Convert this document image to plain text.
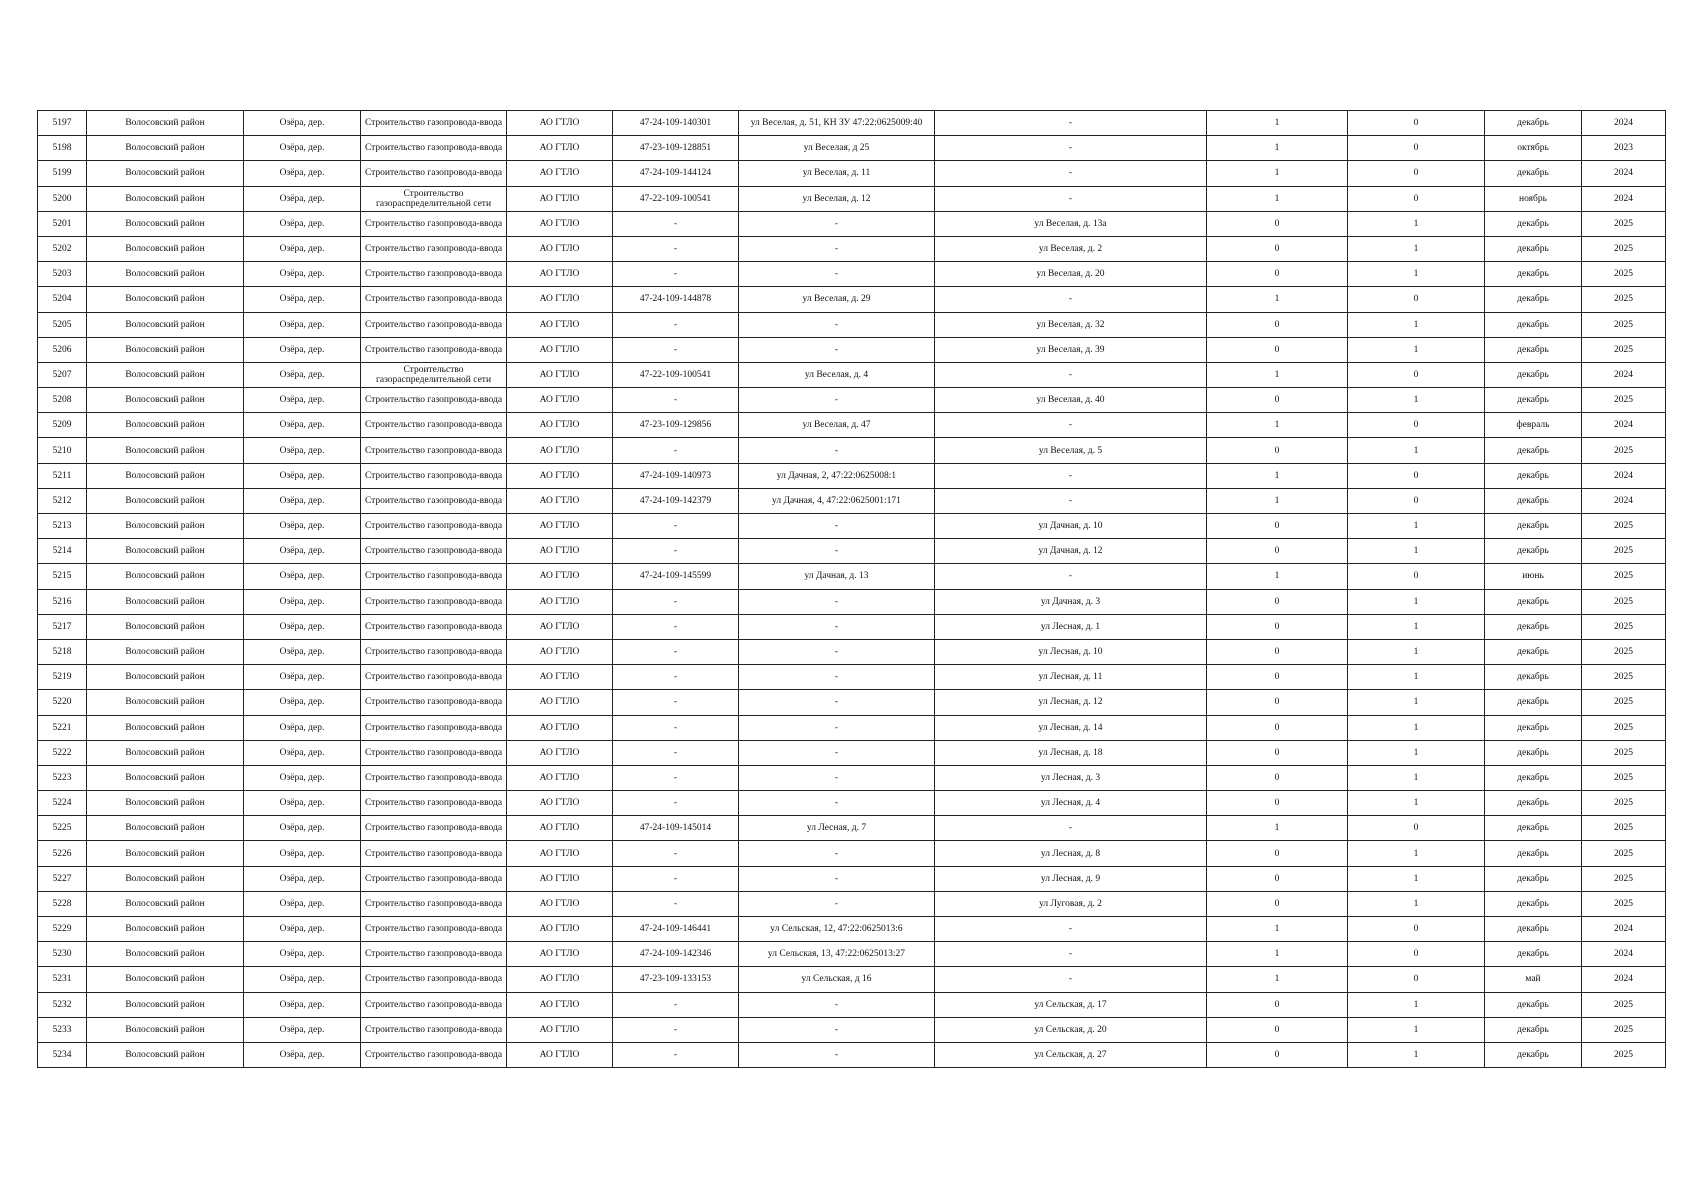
5197	Волосовский район	Озёра, дер.	Строительство газопровода-ввода	АО ГТЛО	47-24-109-140301	ул Веселая, д. 51, КН ЗУ 47:22:0625009:40	-	1	0	декабрь	2024
5198	Волосовский район	Озёра, дер.	Строительство газопровода-ввода	АО ГТЛО	47-23-109-128851	ул Веселая, д 25	-	1	0	октябрь	2023
5199	Волосовский район	Озёра, дер.	Строительство газопровода-ввода	АО ГТЛО	47-24-109-144124	ул Веселая, д. 11	-	1	0	декабрь	2024
5200	Волосовский район	Озёра, дер.	Строительство газораспределительной сети	АО ГТЛО	47-22-109-100541	ул Веселая, д. 12	-	1	0	ноябрь	2024
5201	Волосовский район	Озёра, дер.	Строительство газопровода-ввода	АО ГТЛО	-	-	ул Веселая, д. 13а	0	1	декабрь	2025
5202	Волосовский район	Озёра, дер.	Строительство газопровода-ввода	АО ГТЛО	-	-	ул Веселая, д. 2	0	1	декабрь	2025
5203	Волосовский район	Озёра, дер.	Строительство газопровода-ввода	АО ГТЛО	-	-	ул Веселая, д. 20	0	1	декабрь	2025
5204	Волосовский район	Озёра, дер.	Строительство газопровода-ввода	АО ГТЛО	47-24-109-144878	ул Веселая, д. 29	-	1	0	декабрь	2025
5205	Волосовский район	Озёра, дер.	Строительство газопровода-ввода	АО ГТЛО	-	-	ул Веселая, д. 32	0	1	декабрь	2025
5206	Волосовский район	Озёра, дер.	Строительство газопровода-ввода	АО ГТЛО	-	-	ул Веселая, д. 39	0	1	декабрь	2025
5207	Волосовский район	Озёра, дер.	Строительство газораспределительной сети	АО ГТЛО	47-22-109-100541	ул Веселая, д. 4	-	1	0	декабрь	2024
5208	Волосовский район	Озёра, дер.	Строительство газопровода-ввода	АО ГТЛО	-	-	ул Веселая, д. 40	0	1	декабрь	2025
5209	Волосовский район	Озёра, дер.	Строительство газопровода-ввода	АО ГТЛО	47-23-109-129856	ул Веселая, д. 47	-	1	0	февраль	2024
5210	Волосовский район	Озёра, дер.	Строительство газопровода-ввода	АО ГТЛО	-	-	ул Веселая, д. 5	0	1	декабрь	2025
5211	Волосовский район	Озёра, дер.	Строительство газопровода-ввода	АО ГТЛО	47-24-109-140973	ул Дачная, 2, 47:22:0625008:1	-	1	0	декабрь	2024
5212	Волосовский район	Озёра, дер.	Строительство газопровода-ввода	АО ГТЛО	47-24-109-142379	ул Дачная, 4, 47:22:0625001:171	-	1	0	декабрь	2024
5213	Волосовский район	Озёра, дер.	Строительство газопровода-ввода	АО ГТЛО	-	-	ул Дачная, д. 10	0	1	декабрь	2025
5214	Волосовский район	Озёра, дер.	Строительство газопровода-ввода	АО ГТЛО	-	-	ул Дачная, д. 12	0	1	декабрь	2025
5215	Волосовский район	Озёра, дер.	Строительство газопровода-ввода	АО ГТЛО	47-24-109-145599	ул Дачная, д. 13	-	1	0	июнь	2025
5216	Волосовский район	Озёра, дер.	Строительство газопровода-ввода	АО ГТЛО	-	-	ул Дачная, д. 3	0	1	декабрь	2025
5217	Волосовский район	Озёра, дер.	Строительство газопровода-ввода	АО ГТЛО	-	-	ул Лесная, д. 1	0	1	декабрь	2025
5218	Волосовский район	Озёра, дер.	Строительство газопровода-ввода	АО ГТЛО	-	-	ул Лесная, д. 10	0	1	декабрь	2025
5219	Волосовский район	Озёра, дер.	Строительство газопровода-ввода	АО ГТЛО	-	-	ул Лесная, д. 11	0	1	декабрь	2025
5220	Волосовский район	Озёра, дер.	Строительство газопровода-ввода	АО ГТЛО	-	-	ул Лесная, д. 12	0	1	декабрь	2025
5221	Волосовский район	Озёра, дер.	Строительство газопровода-ввода	АО ГТЛО	-	-	ул Лесная, д. 14	0	1	декабрь	2025
5222	Волосовский район	Озёра, дер.	Строительство газопровода-ввода	АО ГТЛО	-	-	ул Лесная, д. 18	0	1	декабрь	2025
5223	Волосовский район	Озёра, дер.	Строительство газопровода-ввода	АО ГТЛО	-	-	ул Лесная, д. 3	0	1	декабрь	2025
5224	Волосовский район	Озёра, дер.	Строительство газопровода-ввода	АО ГТЛО	-	-	ул Лесная, д. 4	0	1	декабрь	2025
5225	Волосовский район	Озёра, дер.	Строительство газопровода-ввода	АО ГТЛО	47-24-109-145014	ул Лесная, д. 7	-	1	0	декабрь	2025
5226	Волосовский район	Озёра, дер.	Строительство газопровода-ввода	АО ГТЛО	-	-	ул Лесная, д. 8	0	1	декабрь	2025
5227	Волосовский район	Озёра, дер.	Строительство газопровода-ввода	АО ГТЛО	-	-	ул Лесная, д. 9	0	1	декабрь	2025
5228	Волосовский район	Озёра, дер.	Строительство газопровода-ввода	АО ГТЛО	-	-	ул Луговая, д. 2	0	1	декабрь	2025
5229	Волосовский район	Озёра, дер.	Строительство газопровода-ввода	АО ГТЛО	47-24-109-146441	ул Сельская, 12, 47:22:0625013:6	-	1	0	декабрь	2024
5230	Волосовский район	Озёра, дер.	Строительство газопровода-ввода	АО ГТЛО	47-24-109-142346	ул Сельская, 13, 47:22:0625013:27	-	1	0	декабрь	2024
5231	Волосовский район	Озёра, дер.	Строительство газопровода-ввода	АО ГТЛО	47-23-109-133153	ул Сельская, д 16	-	1	0	май	2024
5232	Волосовский район	Озёра, дер.	Строительство газопровода-ввода	АО ГТЛО	-	-	ул Сельская, д. 17	0	1	декабрь	2025
5233	Волосовский район	Озёра, дер.	Строительство газопровода-ввода	АО ГТЛО	-	-	ул Сельская, д. 20	0	1	декабрь	2025
5234	Волосовский район	Озёра, дер.	Строительство газопровода-ввода	АО ГТЛО	-	-	ул Сельская, д. 27	0	1	декабрь	2025
